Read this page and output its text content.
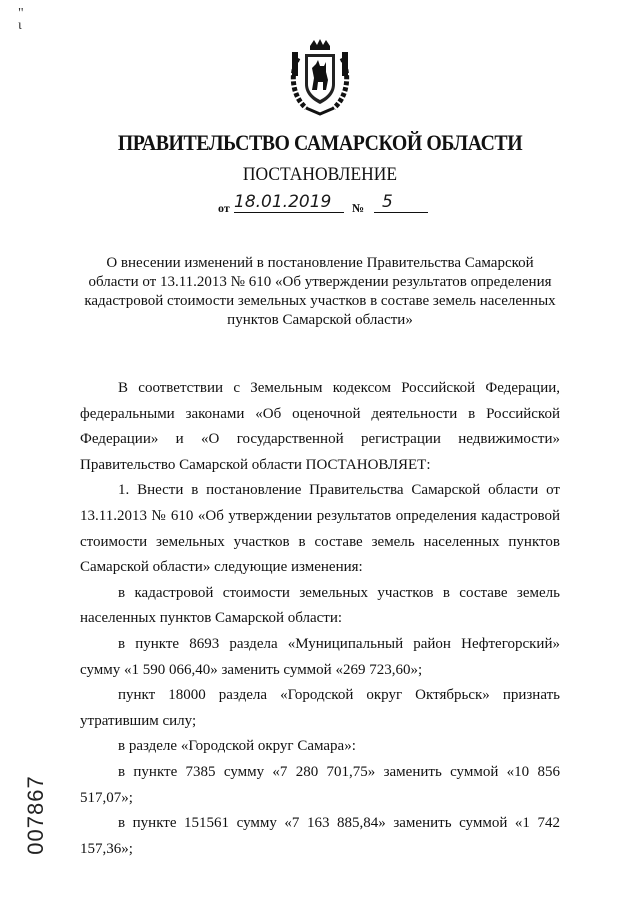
"
ɩ
ПРАВИТЕЛЬСТВО САМАРСКОЙ ОБЛАСТИ
ПОСТАНОВЛЕНИЕ
от 18.01.2019	№	5
О внесении изменений в постановление Правительства Самарской
области от 13.11.2013 № 610 «Об утверждении результатов определения
кадастровой стоимости земельных участков в составе земель населенных
пунктов Самарской области»

В соответствии с Земельным кодексом Российской Федерации, федеральными законами «Об оценочной деятельности в Российской Федерации» и «О государственной регистрации недвижимости» Правительство Самарской области ПОСТАНОВЛЯЕТ:

1. Внести в постановление Правительства Самарской области от 13.11.2013 № 610 «Об утверждении результатов определения кадастровой стоимости земельных участков в составе земель населенных пунктов Самарской области» следующие изменения:

в кадастровой стоимости земельных участков в составе земель населенных пунктов Самарской области:

в пункте 8693 раздела «Муниципальный район Нефтегорский» сумму «1 590 066,40» заменить суммой «269 723,60»;

пункт 18000 раздела «Городской округ Октябрьск» признать утратившим силу;

в разделе «Городской округ Самара»:

в пункте 7385 сумму «7 280 701,75» заменить суммой «10 856 517,07»;

в пункте 151561 сумму «7 163 885,84» заменить суммой «1 742 157,36»;

007867
